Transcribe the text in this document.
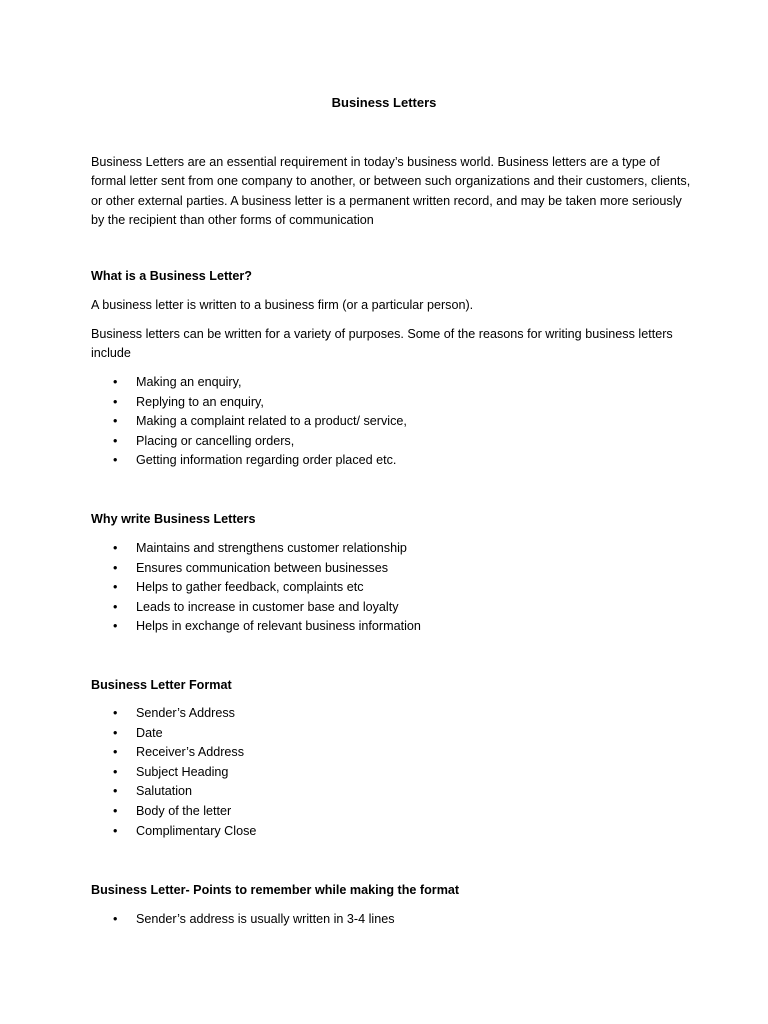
Business Letters

Business Letters are an essential requirement in today’s business world. Business letters are a type of formal letter sent from one company to another, or between such organizations and their customers, clients, or other external parties. A business letter is a permanent written record, and may be taken more seriously by the recipient than other forms of communication

What is a Business Letter?

A business letter is written to a business firm (or a particular person).

Business letters can be written for a variety of purposes. Some of the reasons for writing business letters include

• Making an enquiry,
• Replying to an enquiry,
• Making a complaint related to a product/ service,
• Placing or cancelling orders,
• Getting information regarding order placed etc.

Why write Business Letters

• Maintains and strengthens customer relationship
• Ensures communication between businesses
• Helps to gather feedback, complaints etc
• Leads to increase in customer base and loyalty
• Helps in exchange of relevant business information

Business Letter Format

• Sender’s Address
• Date
• Receiver’s Address
• Subject Heading
• Salutation
• Body of the letter
• Complimentary Close

Business Letter- Points to remember while making the format

• Sender’s address is usually written in 3-4 lines
